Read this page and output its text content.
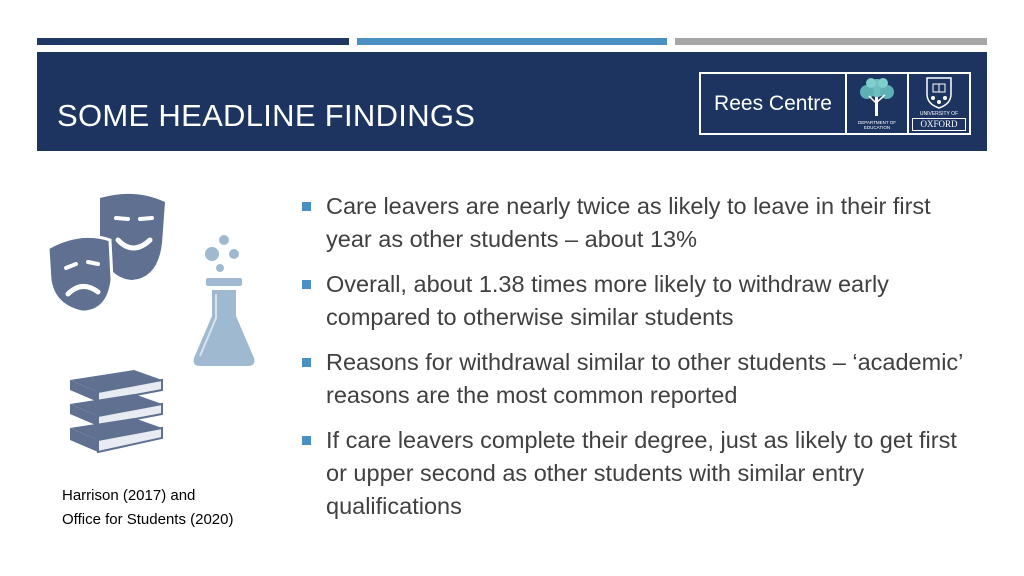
SOME HEADLINE FINDINGS	Rees Centre
DEPARTMENT OF
EDUCATION
UNIVERSITY OF
OXFORD
Care leavers are nearly twice as likely to leave in their first year as other students – about 13%
Overall, about 1.38 times more likely to withdraw early compared to otherwise similar students
Reasons for withdrawal similar to other students – ‘academic’ reasons are the most common reported
If care leavers complete their degree, just as likely to get first or upper second as other students with similar entry qualifications
Harrison (2017) and
Office for Students (2020)
